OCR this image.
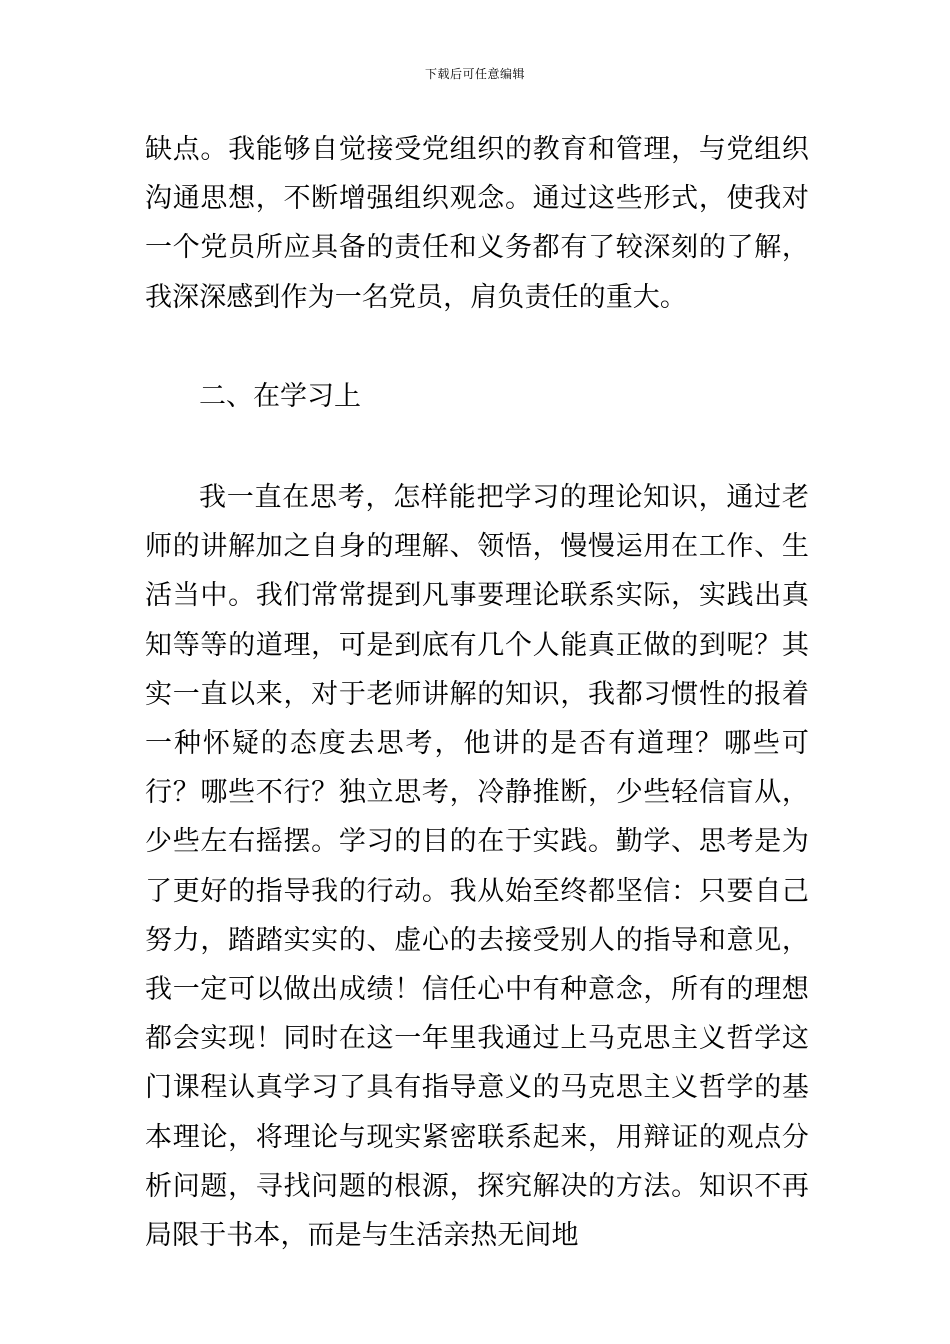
下载后可任意编辑

缺点。我能够自觉接受党组织的教育和管理，与党组织沟通思想，不断增强组织观念。通过这些形式，使我对一个党员所应具备的责任和义务都有了较深刻的了解，我深深感到作为一名党员，肩负责任的重大。

二、在学习上

我一直在思考，怎样能把学习的理论知识，通过老师的讲解加之自身的理解、领悟，慢慢运用在工作、生活当中。我们常常提到凡事要理论联系实际，实践出真知等等的道理，可是到底有几个人能真正做的到呢？其实一直以来，对于老师讲解的知识，我都习惯性的报着一种怀疑的态度去思考，他讲的是否有道理？哪些可行？哪些不行？独立思考，冷静推断，少些轻信盲从，少些左右摇摆。学习的目的在于实践。勤学、思考是为了更好的指导我的行动。我从始至终都坚信：只要自己努力，踏踏实实的、虚心的去接受别人的指导和意见，我一定可以做出成绩！信任心中有种意念，所有的理想都会实现！同时在这一年里我通过上马克思主义哲学这门课程认真学习了具有指导意义的马克思主义哲学的基本理论，将理论与现实紧密联系起来，用辩证的观点分析问题，寻找问题的根源，探究解决的方法。知识不再局限于书本，而是与生活亲热无间地
